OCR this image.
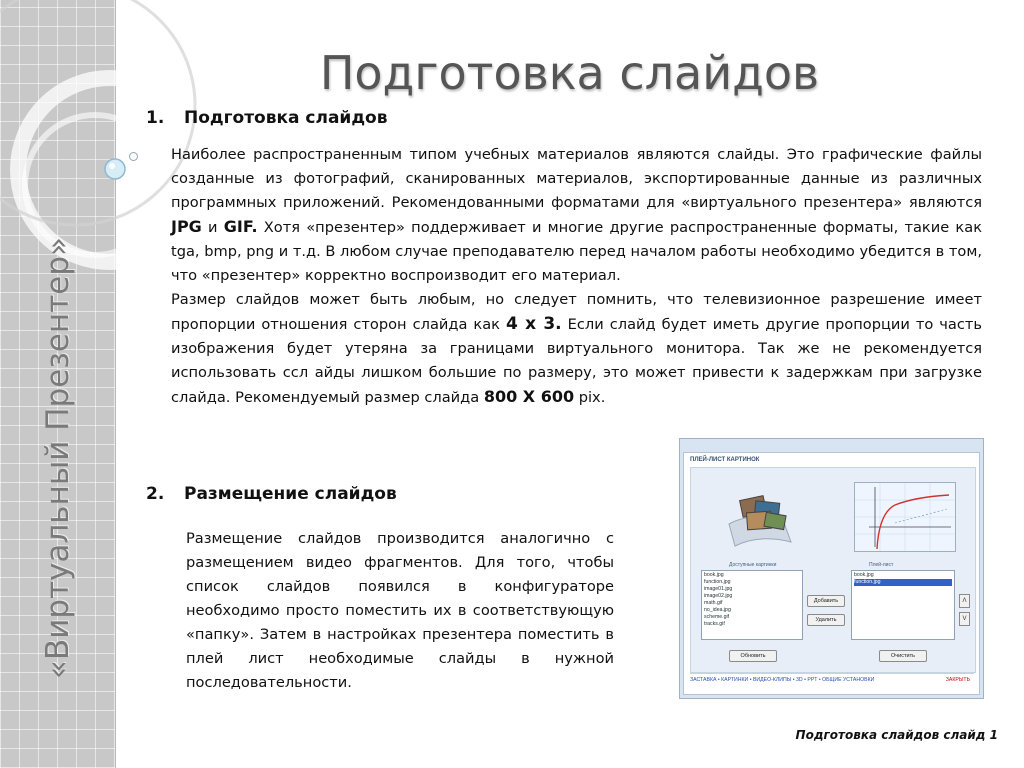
«Виртуальный Презентер»
Подготовка слайдов
1. Подготовка слайдов

Наиболее распространенным типом учебных материалов являются слайды. Это графические файлы созданные из фотографий, сканированных материалов, экспортированные данные из различных программных приложений. Рекомендованными форматами для «виртуального презентера» являются JPG и GIF. Хотя «презентер» поддерживает и многие другие распространенные форматы, такие как tga, bmp, png и т.д. В любом случае преподавателю перед началом работы необходимо убедится в том, что «презентер» корректно воспроизводит его материал.

Размер слайдов может быть любым, но следует помнить, что телевизионное разрешение имеет пропорции отношения сторон слайда как 4 х 3. Если слайд будет иметь другие пропорции то часть изображения будет утеряна за границами виртуального монитора. Так же не рекомендуется использовать ссл айды лишком большие по размеру, это может привести к задержкам при загрузке слайда. Рекомендуемый размер слайда 800 Х 600 pix.

2. Размещение слайдов

Размещение слайдов производится аналогично с размещением видео фрагментов. Для того, чтобы список слайдов появился в конфигураторе необходимо просто поместить их в соответствующую «папку». Затем в настройках презентера поместить в плей лист необходимые слайды в нужной последовательности.

ПЛЕЙ-ЛИСТ КАРТИНОК
Доступные картинки	Плей-лист
book.jpg
function.jpg
image01.jpg
image02.jpg
math.gif
no_idea.jpg
scheme.gif
tracks.gif
book.jpg
function.jpg
Добавить
Удалить
Λ
V
Обновить	Очистить
ЗАСТАВКА • КАРТИНКИ • ВИДЕО-КЛИПЫ • 3D • PPT • ОБЩИЕ УСТАНОВКИ	ЗАКРЫТЬ
Подготовка слайдов слайд 1
